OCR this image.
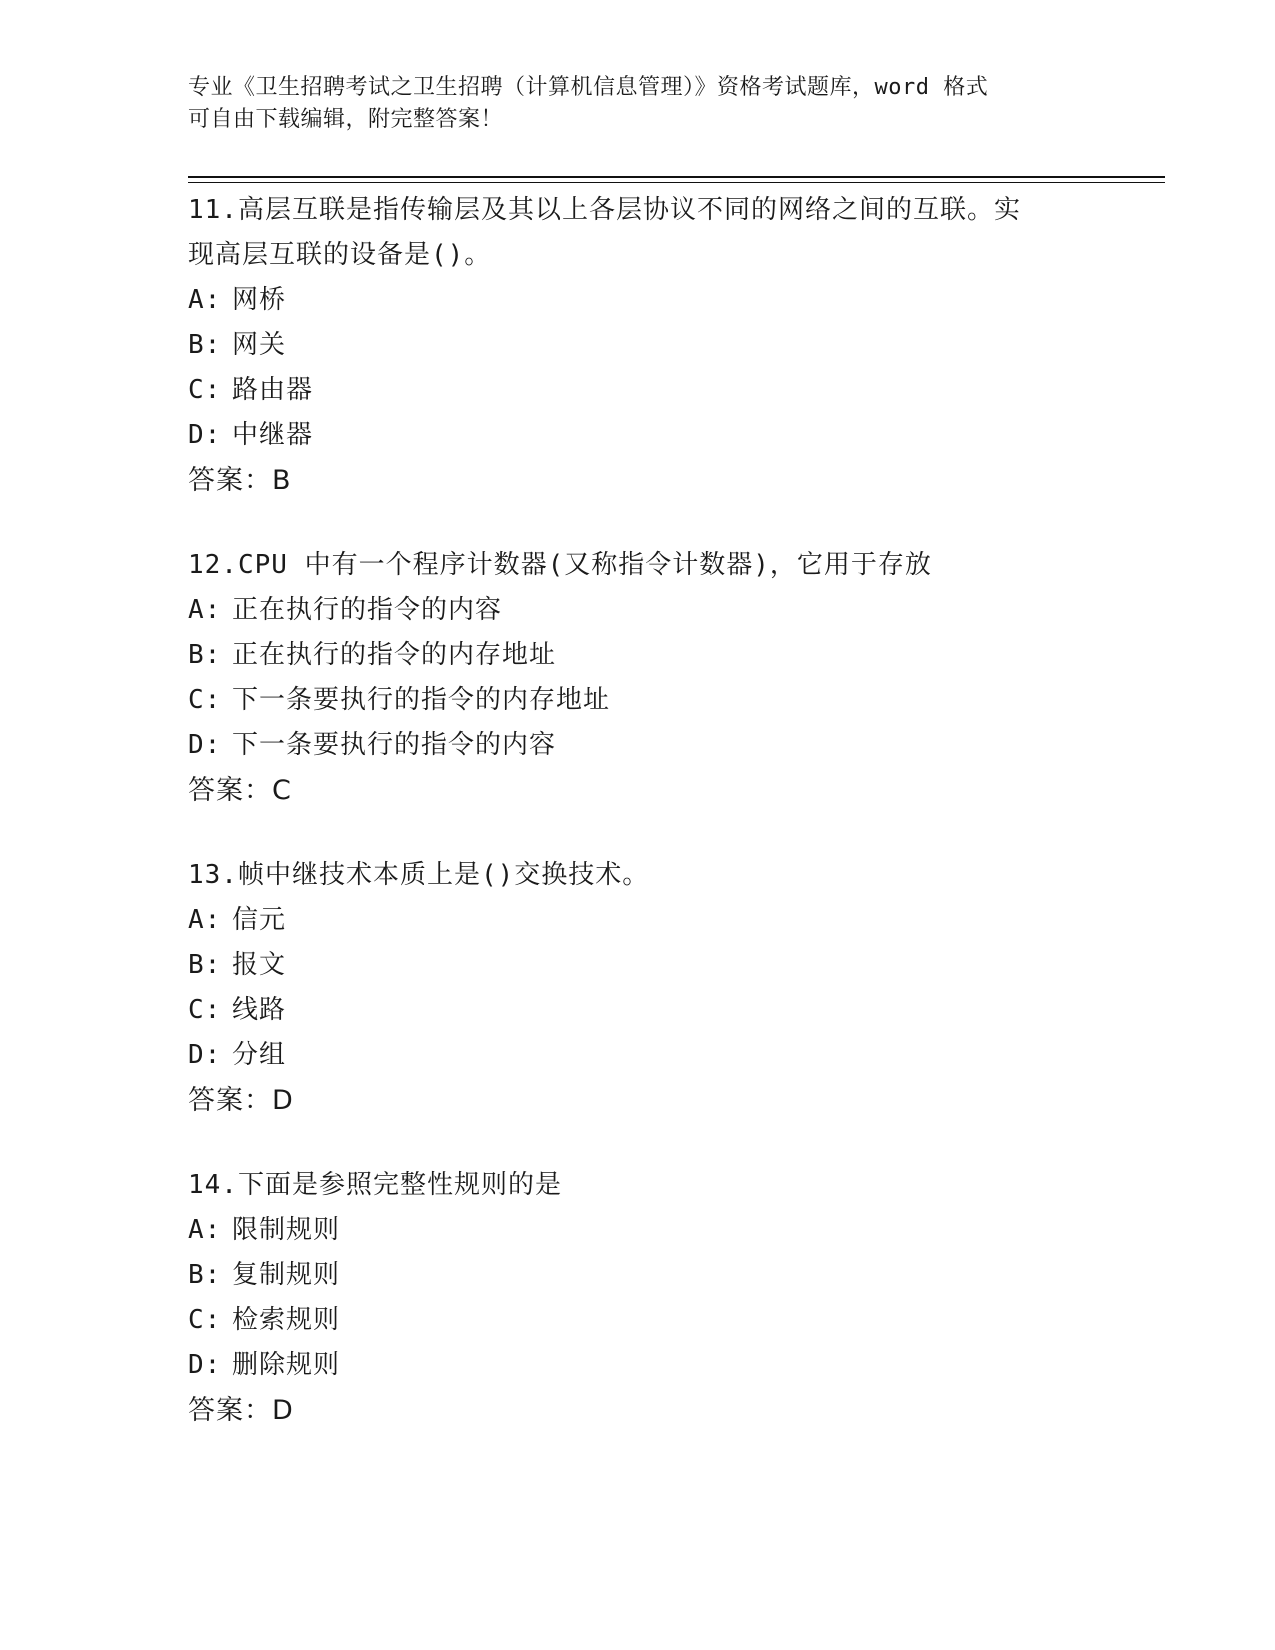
专业《卫生招聘考试之卫生招聘（计算机信息管理）》资格考试题库，word 格式
可自由下载编辑，附完整答案！

11.高层互联是指传输层及其以上各层协议不同的网络之间的互联。实
现高层互联的设备是()。

A: 网桥
B: 网关
C: 路由器
D: 中继器
答案：B

12.CPU 中有一个程序计数器(又称指令计数器)，它用于存放

A: 正在执行的指令的内容
B: 正在执行的指令的内存地址
C: 下一条要执行的指令的内存地址
D: 下一条要执行的指令的内容
答案：C

13.帧中继技术本质上是()交换技术。

A: 信元
B: 报文
C: 线路
D: 分组
答案：D

14.下面是参照完整性规则的是

A: 限制规则
B: 复制规则
C: 检索规则
D: 删除规则
答案：D
